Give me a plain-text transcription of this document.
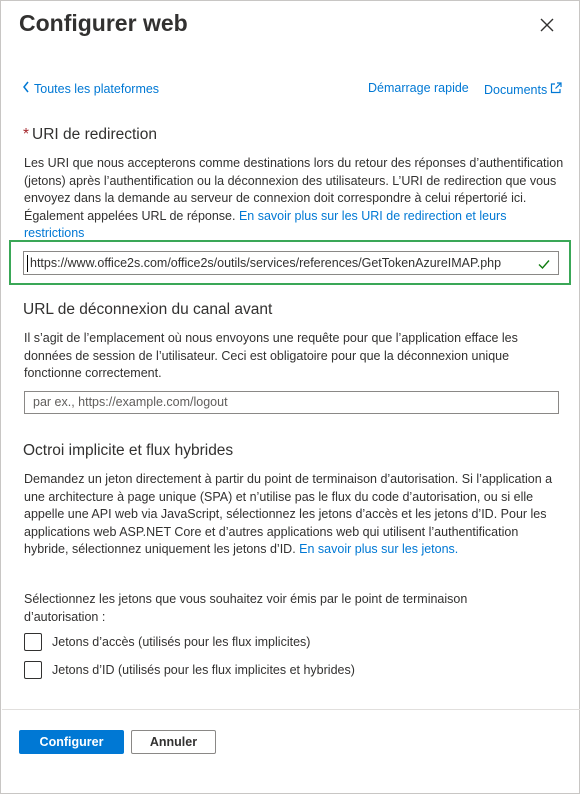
Configurer web
Toutes les plateformes	Démarrage rapide Documents
* URI de redirection
Les URI que nous accepterons comme destinations lors du retour des réponses d’authentification (jetons) après l’authentification ou la déconnexion des utilisateurs. L’URI de redirection que vous envoyez dans la demande au serveur de connexion doit correspondre à celui répertorié ici. Également appelées URL de réponse. En savoir plus sur les URI de redirection et leurs restrictions
https://www.office2s.com/office2s/outils/services/references/GetTokenAzureIMAP.php
URL de déconnexion du canal avant
Il s’agit de l’emplacement où nous envoyons une requête pour que l’application efface les données de session de l’utilisateur. Ceci est obligatoire pour que la déconnexion unique fonctionne correctement.
par ex., https://example.com/logout
Octroi implicite et flux hybrides
Demandez un jeton directement à partir du point de terminaison d’autorisation. Si l’application a une architecture à page unique (SPA) et n’utilise pas le flux du code d’autorisation, ou si elle appelle une API web via JavaScript, sélectionnez les jetons d’accès et les jetons d’ID. Pour les applications web ASP.NET Core et d’autres applications web qui utilisent l’authentification hybride, sélectionnez uniquement les jetons d’ID. En savoir plus sur les jetons.
Sélectionnez les jetons que vous souhaitez voir émis par le point de terminaison d’autorisation :
Jetons d’accès (utilisés pour les flux implicites)
Jetons d’ID (utilisés pour les flux implicites et hybrides)
Configurer	Annuler
